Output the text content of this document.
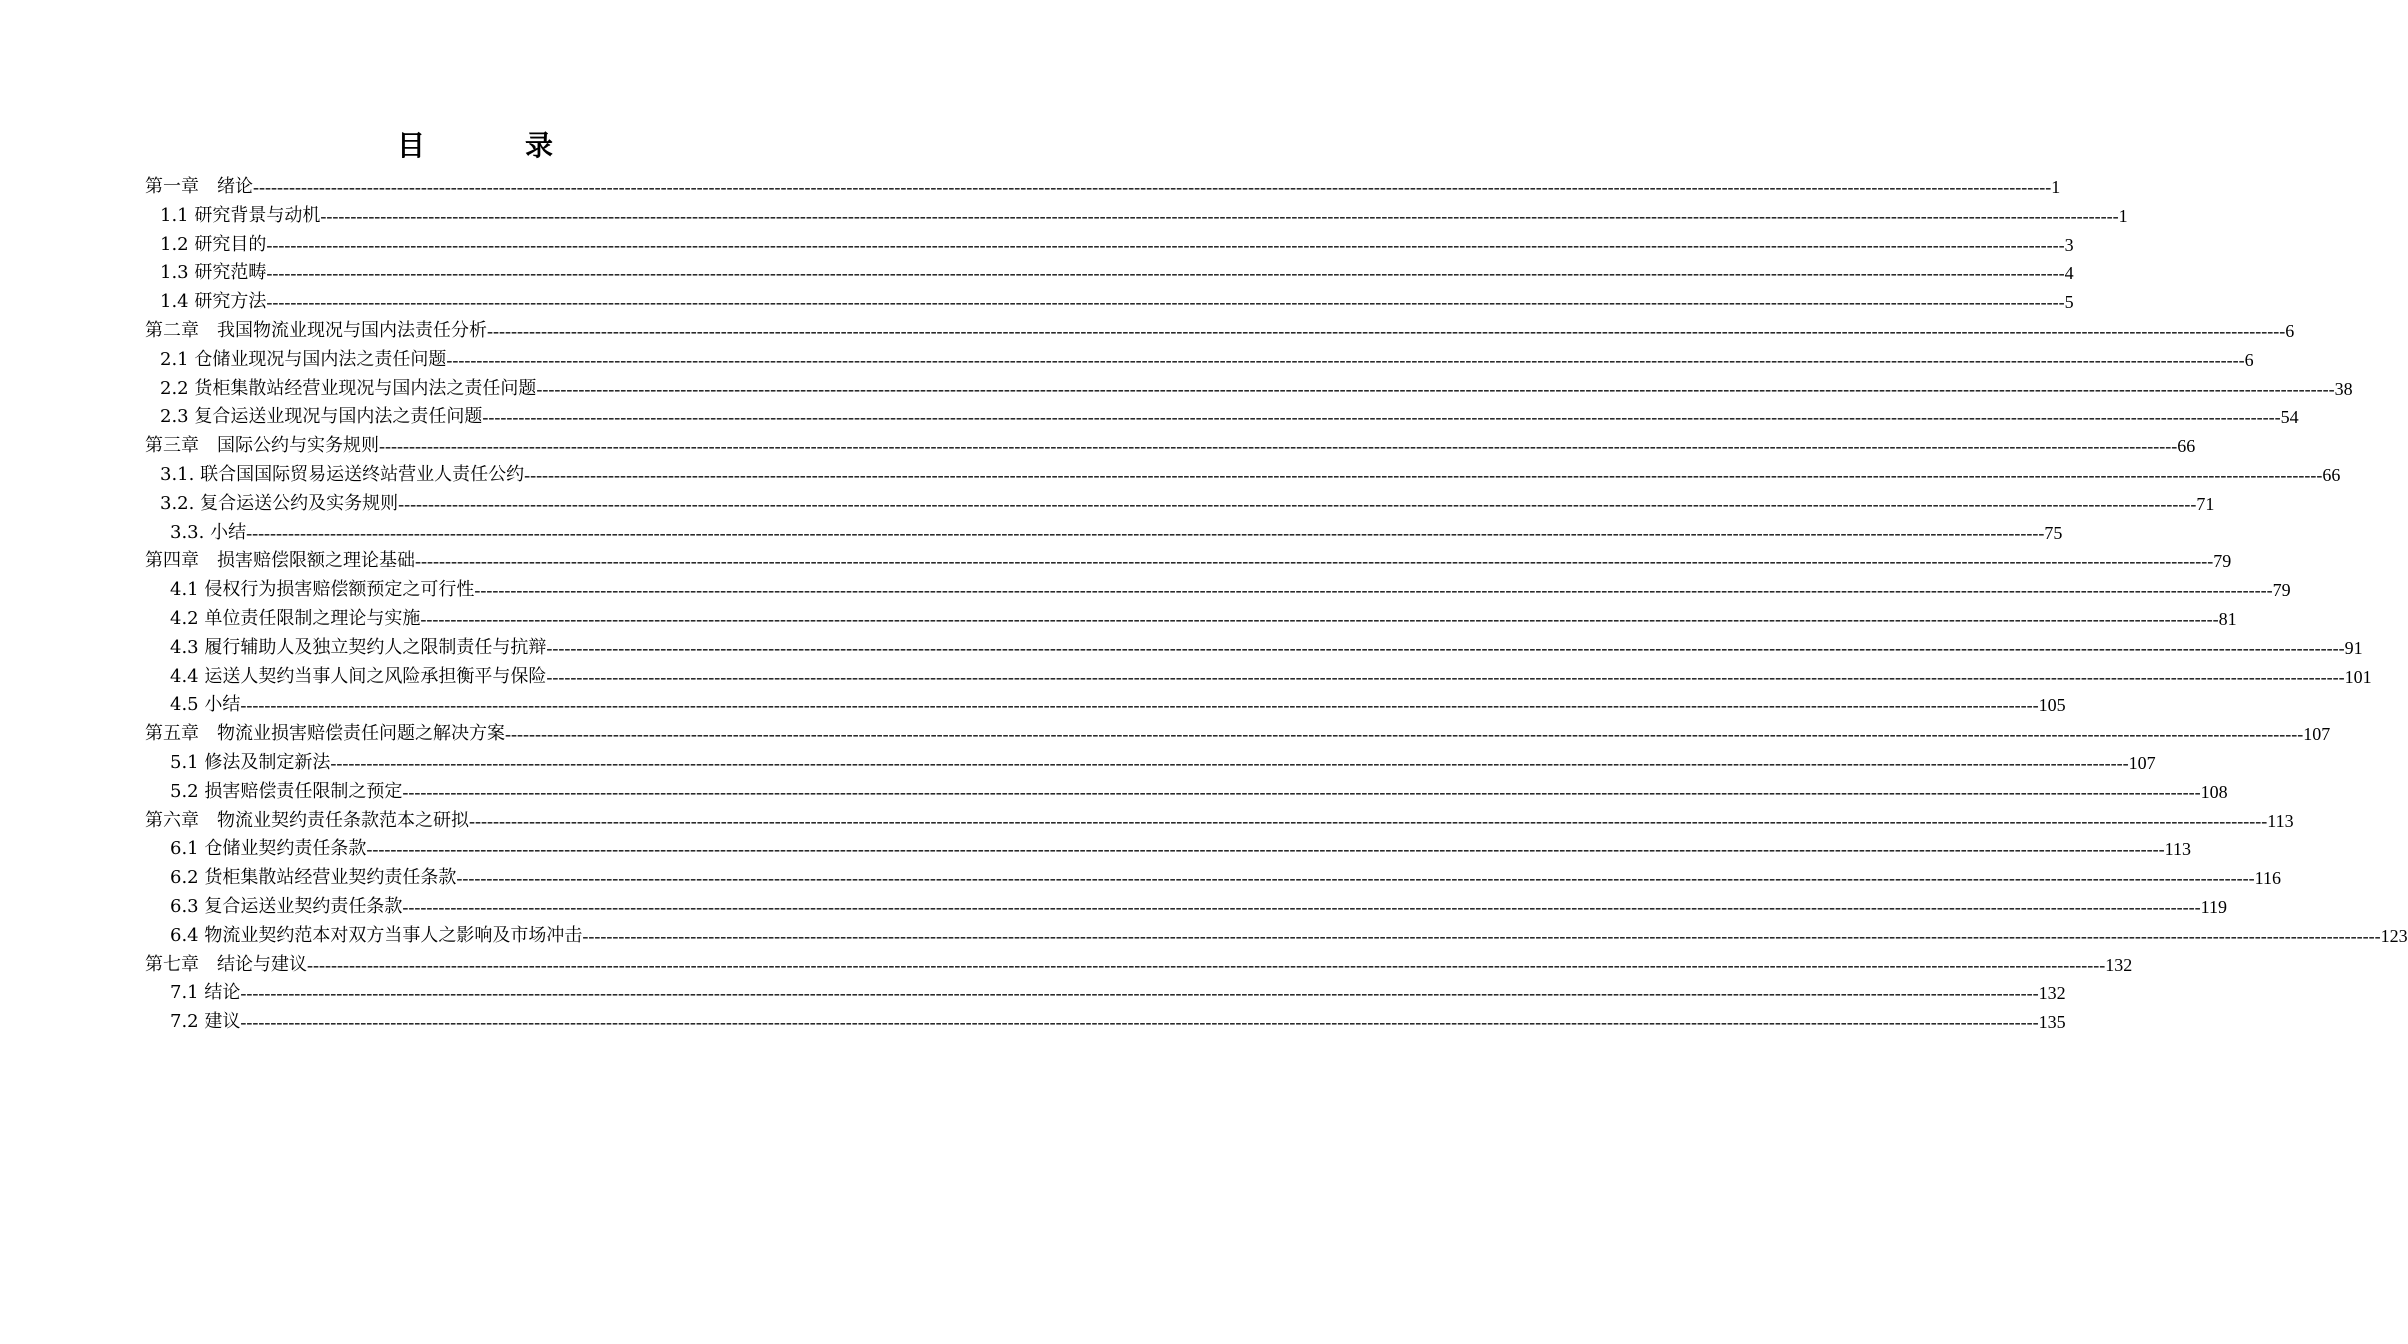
目　录
第一章　绪论 ------------------------------------------------------------------------------------------------------------------------------------------------------------------------------------------------------------------------------------------------------------------------------------------------------------ 1
1.1 研究背景与动机 ------------------------------------------------------------------------------------------------------------------------------------------------------------------------------------------------------------------------------------------------------------------------------------------------------------ 1
1.2 研究目的 ------------------------------------------------------------------------------------------------------------------------------------------------------------------------------------------------------------------------------------------------------------------------------------------------------------ 3
1.3 研究范畴 ------------------------------------------------------------------------------------------------------------------------------------------------------------------------------------------------------------------------------------------------------------------------------------------------------------ 4
1.4 研究方法 ------------------------------------------------------------------------------------------------------------------------------------------------------------------------------------------------------------------------------------------------------------------------------------------------------------ 5
第二章　我国物流业现况与国内法责任分析 ------------------------------------------------------------------------------------------------------------------------------------------------------------------------------------------------------------------------------------------------------------------------------------------------------------ 6
2.1 仓储业现况与国内法之责任问题 ------------------------------------------------------------------------------------------------------------------------------------------------------------------------------------------------------------------------------------------------------------------------------------------------------------ 6
2.2 货柜集散站经营业现况与国内法之责任问题 ------------------------------------------------------------------------------------------------------------------------------------------------------------------------------------------------------------------------------------------------------------------------------------------------------------ 38
2.3 复合运送业现况与国内法之责任问题 ------------------------------------------------------------------------------------------------------------------------------------------------------------------------------------------------------------------------------------------------------------------------------------------------------------ 54
第三章　国际公约与实务规则 ------------------------------------------------------------------------------------------------------------------------------------------------------------------------------------------------------------------------------------------------------------------------------------------------------------ 66
3.1. 联合国国际贸易运送终站营业人责任公约 ------------------------------------------------------------------------------------------------------------------------------------------------------------------------------------------------------------------------------------------------------------------------------------------------------------ 66
3.2. 复合运送公约及实务规则 ------------------------------------------------------------------------------------------------------------------------------------------------------------------------------------------------------------------------------------------------------------------------------------------------------------ 71
3.3. 小结 ------------------------------------------------------------------------------------------------------------------------------------------------------------------------------------------------------------------------------------------------------------------------------------------------------------ 75
第四章　损害赔偿限额之理论基础 ------------------------------------------------------------------------------------------------------------------------------------------------------------------------------------------------------------------------------------------------------------------------------------------------------------ 79
4.1 侵权行为损害赔偿额预定之可行性 ------------------------------------------------------------------------------------------------------------------------------------------------------------------------------------------------------------------------------------------------------------------------------------------------------------ 79
4.2 单位责任限制之理论与实施 ------------------------------------------------------------------------------------------------------------------------------------------------------------------------------------------------------------------------------------------------------------------------------------------------------------ 81
4.3 履行辅助人及独立契约人之限制责任与抗辩 ------------------------------------------------------------------------------------------------------------------------------------------------------------------------------------------------------------------------------------------------------------------------------------------------------------ 91
4.4 运送人契约当事人间之风险承担衡平与保险 ------------------------------------------------------------------------------------------------------------------------------------------------------------------------------------------------------------------------------------------------------------------------------------------------------------ 101
4.5 小结 ------------------------------------------------------------------------------------------------------------------------------------------------------------------------------------------------------------------------------------------------------------------------------------------------------------ 105
第五章　物流业损害赔偿责任问题之解决方案 ------------------------------------------------------------------------------------------------------------------------------------------------------------------------------------------------------------------------------------------------------------------------------------------------------------ 107
5.1 修法及制定新法 ------------------------------------------------------------------------------------------------------------------------------------------------------------------------------------------------------------------------------------------------------------------------------------------------------------ 107
5.2 损害赔偿责任限制之预定 ------------------------------------------------------------------------------------------------------------------------------------------------------------------------------------------------------------------------------------------------------------------------------------------------------------ 108
第六章　物流业契约责任条款范本之研拟 ------------------------------------------------------------------------------------------------------------------------------------------------------------------------------------------------------------------------------------------------------------------------------------------------------------ 113
6.1 仓储业契约责任条款 ------------------------------------------------------------------------------------------------------------------------------------------------------------------------------------------------------------------------------------------------------------------------------------------------------------ 113
6.2 货柜集散站经营业契约责任条款 ------------------------------------------------------------------------------------------------------------------------------------------------------------------------------------------------------------------------------------------------------------------------------------------------------------ 116
6.3 复合运送业契约责任条款 ------------------------------------------------------------------------------------------------------------------------------------------------------------------------------------------------------------------------------------------------------------------------------------------------------------ 119
6.4 物流业契约范本对双方当事人之影响及市场冲击 ------------------------------------------------------------------------------------------------------------------------------------------------------------------------------------------------------------------------------------------------------------------------------------------------------------ 123
第七章　结论与建议 ------------------------------------------------------------------------------------------------------------------------------------------------------------------------------------------------------------------------------------------------------------------------------------------------------------ 132
7.1 结论 ------------------------------------------------------------------------------------------------------------------------------------------------------------------------------------------------------------------------------------------------------------------------------------------------------------ 132
7.2 建议 ------------------------------------------------------------------------------------------------------------------------------------------------------------------------------------------------------------------------------------------------------------------------------------------------------------ 135
